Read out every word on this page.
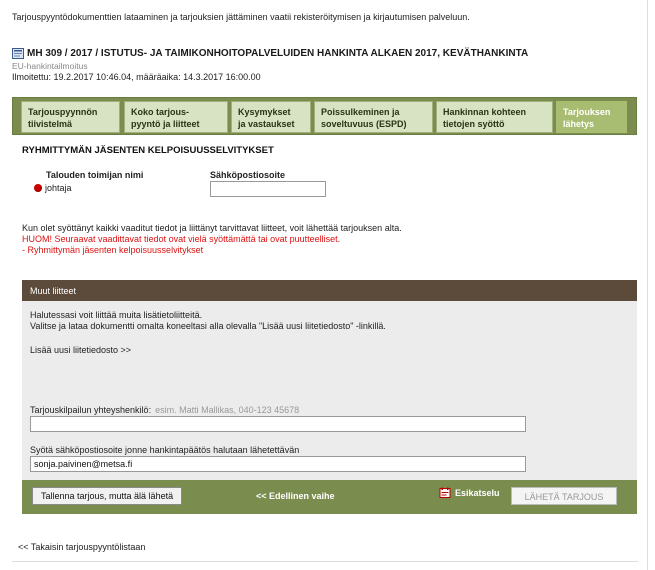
Tarjouspyyntödokumenttien lataaminen ja tarjouksien jättäminen vaatii rekisteröitymisen ja kirjautumisen palveluun.
MH 309 / 2017 / ISTUTUS- JA TAIMIKONHOITOPALVELUIDEN HANKINTA ALKAEN 2017, KEVÄTHANKINTA
EU-hankintailmoitus
Ilmoitettu: 19.2.2017 10:46.04, määräaika: 14.3.2017 16:00.00
Tarjouspyynnön
tiivistelmä
Koko tarjous-
pyyntö ja liitteet
Kysymykset
ja vastaukset
Poissulkeminen ja
soveltuvuus (ESPD)
Hankinnan kohteen
tietojen syöttö
Tarjouksen
lähetys
RYHMITTYMÄN JÄSENTEN KELPOISUUSSELVITYKSET
Talouden toimijan nimi	Sähköpostiosoite
johtaja
Kun olet syöttänyt kaikki vaaditut tiedot ja liittänyt tarvittavat liitteet, voit lähettää tarjouksen alta.
HUOM! Seuraavat vaadittavat tiedot ovat vielä syöttämättä tai ovat puutteelliset.
- Ryhmittymän jäsenten kelpoisuusselvitykset
Muut liitteet
Halutessasi voit liittää muita lisätietoliitteitä.
Valitse ja lataa dokumentti omalta koneeltasi alla olevalla "Lisää uusi liitetiedosto" -linkillä.
Lisää uusi liitetiedosto >>
Tarjouskilpailun yhteyshenkilö: esim. Matti Mallikas, 040-123 45678
Syötä sähköpostiosoite jonne hankintapäätös halutaan lähetettävän
sonja.paivinen@metsa.fi
Tallenna tarjous, mutta älä lähetä	<< Edellinen vaihe	Esikatselu	LÄHETÄ TARJOUS
<< Takaisin tarjouspyyntölistaan
